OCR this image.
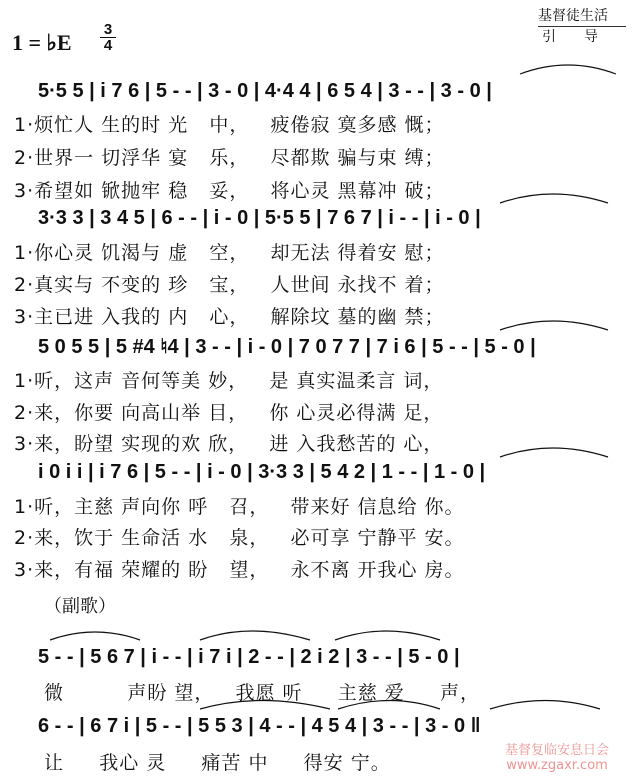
1 = ♭E $\frac{3}{4}$
基督徒生活
引导
5·5 5 | i 7 6 | 5 - - | 3 - 0 | 4·4 4 | 6 5 4 | 3 - - | 3 - 0 |
1·烦忙人 生的时 光   中，   疲倦寂 寞多感 慨；
2·世界一 切浮华 宴   乐，   尽都欺 骗与束 缚；
3·希望如 锨抛牢 稳   妥，   将心灵 黑幕冲 破；
3·3 3 | 3 4 5 | 6 - - | i - 0 | 5·5 5 | 7 6 7 | i - - | i - 0 |
1·你心灵 饥渴与 虚   空，   却无法 得着安 慰；
2·真实与 不变的 珍   宝，   人世间 永找不 着；
3·主已进 入我的 内   心，   解除坟 墓的幽 禁；
5 0 5 5 | 5 #4 ♮4 | 3 - - | i - 0 | 7 0 7 7 | 7 i 6 | 5 - - | 5 - 0 |
1·听，这声 音何等美 妙，   是 真实温柔言 词，
2·来，你要 向高山举 目，   你 心灵必得满 足，
3·来，盼望 实现的欢 欣，   进 入我愁苦的 心，
i 0 i i | i 7 6 | 5 - - | i - 0 | 3·3 3 | 5 4 2 | 1 - - | 1 - 0 |
1·听，主慈 声向你 呼   召，   带来好 信息给 你。
2·来，饮于 生命活 水   泉，   必可享 宁静平 安。
3·来，有福 荣耀的 盼   望，   永不离 开我心 房。
（副歌）
5 - - | 5 6 7 | i - - | i 7 i | 2 - - | 2 i 2 | 3 - - | 5 - 0 |
微         声盼 望，   我愿 听     主慈 爱     声，
6 - - | 6 7 i | 5 - - | 5 5 3 | 4 - - | 4 5 4 | 3 - - | 3 - 0 ‖
让     我心 灵     痛苦 中     得安 宁。
基督复临安息日会
www.zgaxr.com
